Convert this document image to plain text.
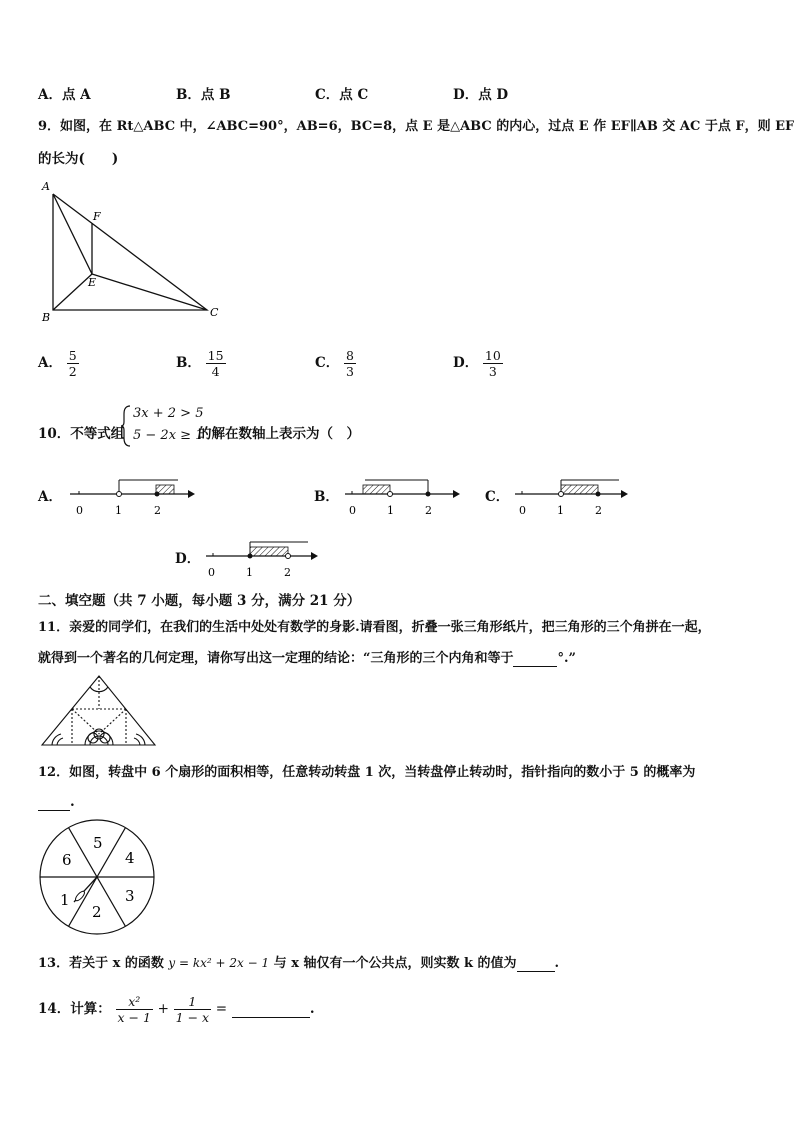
A．点 A	B．点 B	C．点 C	D．点 D
9．如图，在 Rt△ABC 中，∠ABC=90°，AB=6，BC=8，点 E 是△ABC 的内心，过点 E 作 EF∥AB 交 AC 于点 F，则 EF
的长为(　　)
A
B	C
E
F
A． $\frac{5}{2}$	B． $\frac{15}{4}$	C． $\frac{8}{3}$	D． $\frac{10}{3}$
10．不等式组
3x + 2 > 5
5 − 2x ≥ 1
的解在数轴上表示为（　）
A．	B．	C．
D．
0	1	2	0	1	2	0	1	2
0	1	2
二、填空题（共 7 小题，每小题 3 分，满分 21 分）
11．亲爱的同学们，在我们的生活中处处有数学的身影.请看图，折叠一张三角形纸片，把三角形的三个角拼在一起，
就得到一个著名的几何定理，请你写出这一定理的结论：“三角形的三个内角和等于	°.”
12．如图，转盘中 6 个扇形的面积相等，任意转动转盘 1 次，当转盘停止转动时，指针指向的数小于 5 的概率为
.
5
4
3
2
1
6
13．若关于 x 的函数 y = kx² + 2x − 1 与 x 轴仅有一个公共点，则实数 k 的值为	.
14．计算： $\frac{\text{x²}}{x - 1} + \frac{1}{1 - x}$ =	.
